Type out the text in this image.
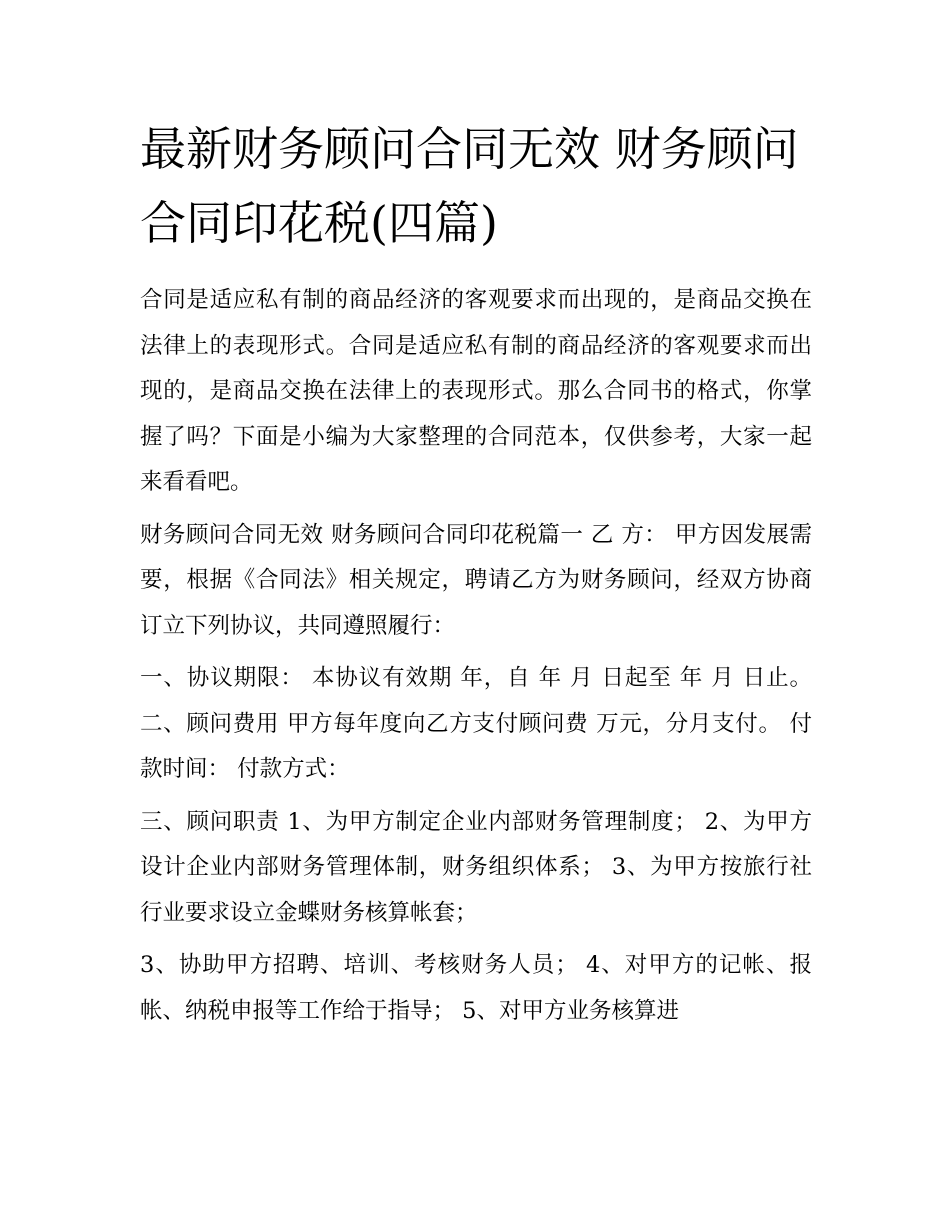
最新财务顾问合同无效 财务顾问合同印花税(四篇)

合同是适应私有制的商品经济的客观要求而出现的，是商品交换在法律上的表现形式。合同是适应私有制的商品经济的客观要求而出现的，是商品交换在法律上的表现形式。那么合同书的格式，你掌握了吗？下面是小编为大家整理的合同范本，仅供参考，大家一起来看看吧。

财务顾问合同无效 财务顾问合同印花税篇一 乙 方： 甲方因发展需要，根据《合同法》相关规定，聘请乙方为财务顾问，经双方协商订立下列协议，共同遵照履行：

一、协议期限： 本协议有效期 年，自 年 月 日起至 年 月 日止。 二、顾问费用 甲方每年度向乙方支付顾问费 万元，分月支付。 付款时间： 付款方式：

三、顾问职责 1、为甲方制定企业内部财务管理制度； 2、为甲方设计企业内部财务管理体制，财务组织体系； 3、为甲方按旅行社行业要求设立金蝶财务核算帐套；

3、协助甲方招聘、培训、考核财务人员； 4、对甲方的记帐、报帐、纳税申报等工作给于指导； 5、对甲方业务核算进
